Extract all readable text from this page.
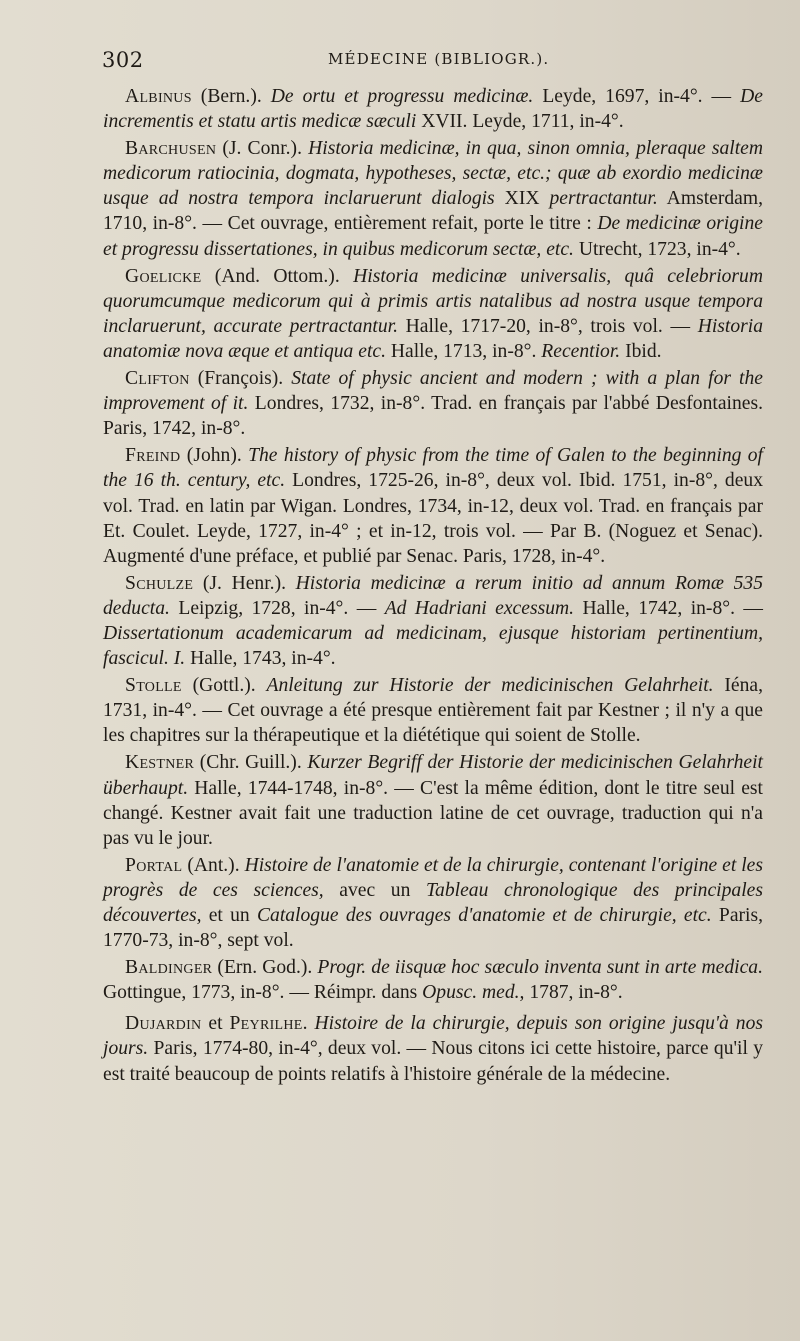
302	MÉDECINE (BIBLIOGR.).

Albinus (Bern.). De ortu et progressu medicinæ. Leyde, 1697, in-4°. — De incrementis et statu artis medicæ sæculi XVII. Leyde, 1711, in-4°.

Barchusen (J. Conr.). Historia medicinæ, in qua, sinon omnia, pleraque saltem medicorum ratiocinia, dogmata, hypotheses, sectæ, etc.; quæ ab exordio medicinæ usque ad nostra tempora inclaruerunt dialogis XIX pertractantur. Amsterdam, 1710, in-8°. — Cet ouvrage, entièrement refait, porte le titre : De medicinæ origine et progressu dissertationes, in quibus medicorum sectæ, etc. Utrecht, 1723, in-4°.

Goelicke (And. Ottom.). Historia medicinæ universalis, quâ celebriorum quorumcumque medicorum qui à primis artis natalibus ad nostra usque tempora inclaruerunt, accurate pertractantur. Halle, 1717-20, in-8°, trois vol. — Historia anatomiæ nova æque et antiqua etc. Halle, 1713, in-8°. Recentior. Ibid.

Clifton (François). State of physic ancient and modern ; with a plan for the improvement of it. Londres, 1732, in-8°. Trad. en français par l'abbé Desfontaines. Paris, 1742, in-8°.

Freind (John). The history of physic from the time of Galen to the beginning of the 16 th. century, etc. Londres, 1725-26, in-8°, deux vol. Ibid. 1751, in-8°, deux vol. Trad. en latin par Wigan. Londres, 1734, in-12, deux vol. Trad. en français par Et. Coulet. Leyde, 1727, in-4° ; et in-12, trois vol. — Par B. (Noguez et Senac). Augmenté d'une préface, et publié par Senac. Paris, 1728, in-4°.

Schulze (J. Henr.). Historia medicinæ a rerum initio ad annum Romæ 535 deducta. Leipzig, 1728, in-4°. — Ad Hadriani excessum. Halle, 1742, in-8°. — Dissertationum academicarum ad medicinam, ejusque historiam pertinentium, fascicul. I. Halle, 1743, in-4°.

Stolle (Gottl.). Anleitung zur Historie der medicinischen Gelahrheit. Iéna, 1731, in-4°. — Cet ouvrage a été presque entièrement fait par Kestner ; il n'y a que les chapitres sur la thérapeutique et la diététique qui soient de Stolle.

Kestner (Chr. Guill.). Kurzer Begriff der Historie der medicinischen Gelahrheit überhaupt. Halle, 1744-1748, in-8°. — C'est la même édition, dont le titre seul est changé. Kestner avait fait une traduction latine de cet ouvrage, traduction qui n'a pas vu le jour.

Portal (Ant.). Histoire de l'anatomie et de la chirurgie, contenant l'origine et les progrès de ces sciences, avec un Tableau chronologique des principales découvertes, et un Catalogue des ouvrages d'anatomie et de chirurgie, etc. Paris, 1770-73, in-8°, sept vol.

Baldinger (Ern. God.). Progr. de iisquæ hoc sæculo inventa sunt in arte medica. Gottingue, 1773, in-8°. — Réimpr. dans Opusc. med., 1787, in-8°.

Dujardin et Peyrilhe. Histoire de la chirurgie, depuis son origine jusqu'à nos jours. Paris, 1774-80, in-4°, deux vol. — Nous citons ici cette histoire, parce qu'il y est traité beaucoup de points relatifs à l'histoire générale de la médecine.
